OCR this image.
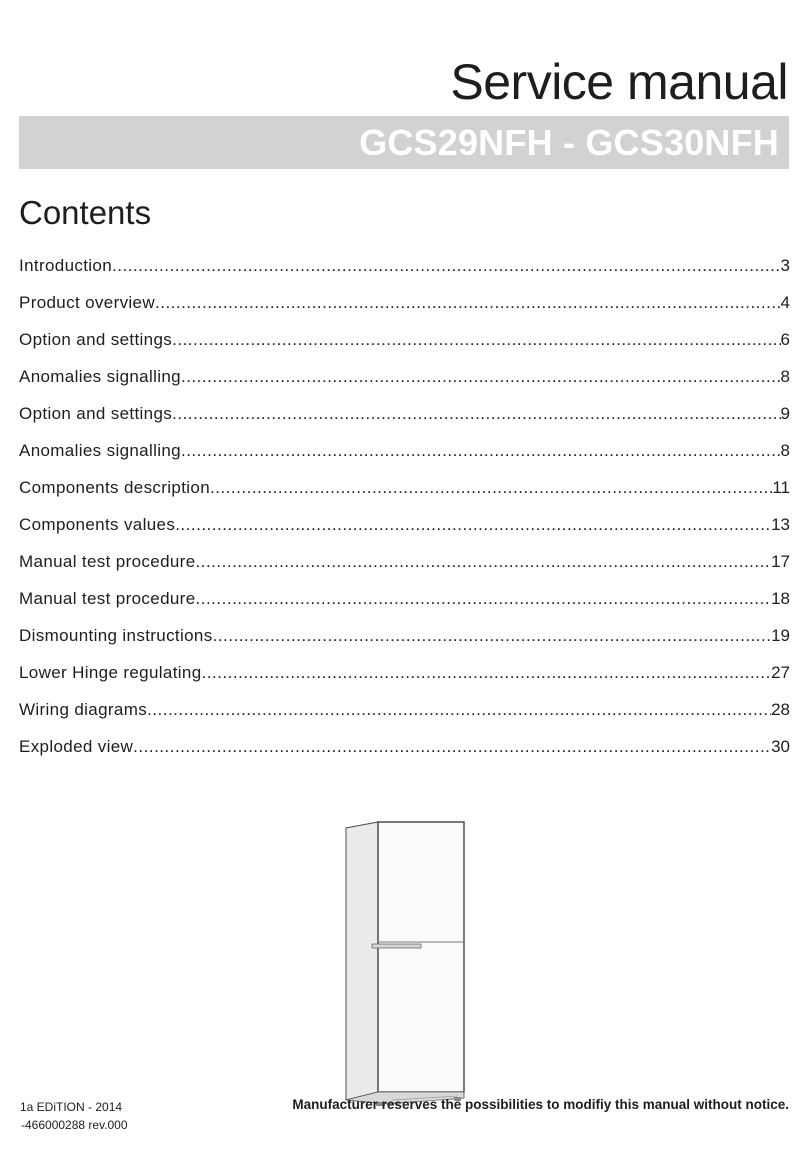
Service manual
GCS29NFH - GCS30NFH
Contents
Introduction .....	3
Product overview .....	4
Option and settings .....	6
Anomalies signalling .....	8
Option and settings .....	9
Anomalies signalling .....	8
Components description .....	11
Components values .....	13
Manual test procedure .....	17
Manual test procedure .....	18
Dismounting instructions .....	19
Lower Hinge regulating .....	27
Wiring diagrams .....	28
Exploded view .....	30
1a EDiTION - 2014
-466000288 rev.000
Manufacturer reserves the possibilities to modifiy this manual without notice.
